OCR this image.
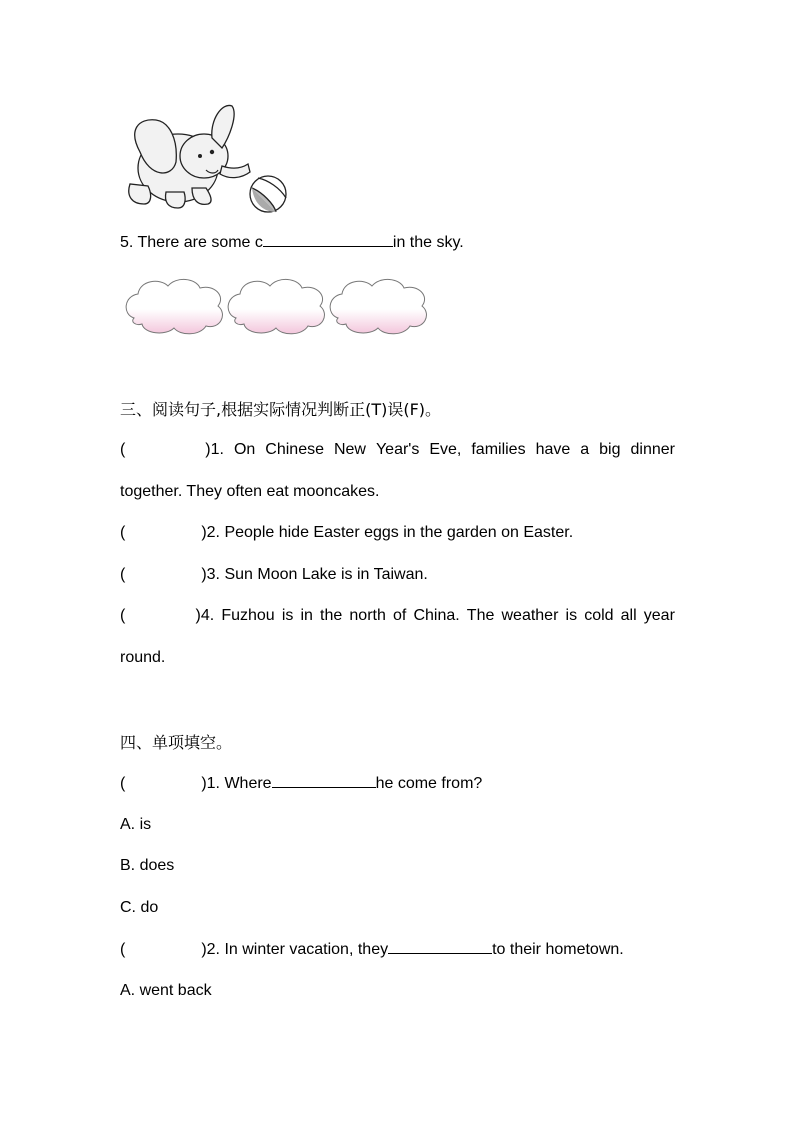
5. There are some c	in the sky.
三、阅读句子,根据实际情况判断正(T)误(F)。
(	)1. On Chinese New Year's Eve, families have a big dinner
together. They often eat mooncakes.
(	)2. People hide Easter eggs in the garden on Easter.
(	)3. Sun Moon Lake is in Taiwan.
(	)4. Fuzhou is in the north of China. The weather is cold all year
round.
四、单项填空。
(	)1. Where	he come from?
A. is
B. does
C. do
(	)2. In winter vacation, they	to their hometown.
A. went back
